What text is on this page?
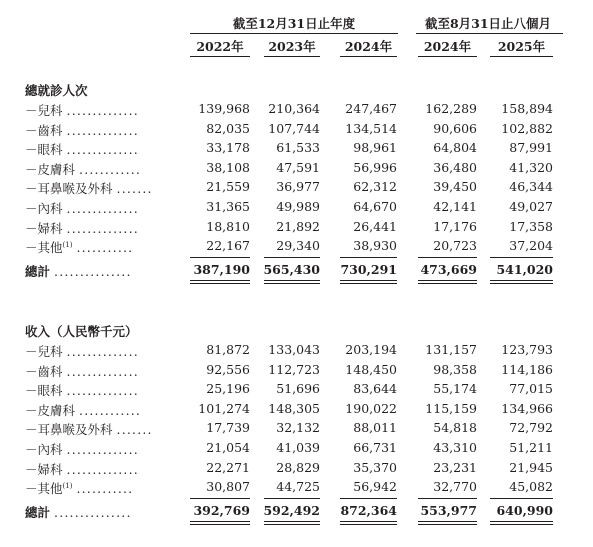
截至12月31日止年度	截至8月31日止八個月
2022年	2023年	2024年	2024年	2025年
總就診人次
－兒科 ..............	139,968	210,364	247,467	162,289	158,894
－齒科 ..............	82,035	107,744	134,514	90,606	102,882
－眼科 ..............	33,178	61,533	98,961	64,804	87,991
－皮膚科 ............	38,108	47,591	56,996	36,480	41,320
－耳鼻喉及外科 .......	21,559	36,977	62,312	39,450	46,344
－內科 ..............	31,365	49,989	64,670	42,141	49,027
－婦科 ..............	18,810	21,892	26,441	17,176	17,358
－其他$^{(1)}$ ...........	22,167	29,340	38,930	20,723	37,204
總計 ...............	387,190	565,430	730,291	473,669	541,020
收入（人民幣千元）
－兒科 ..............	81,872	133,043	203,194	131,157	123,793
－齒科 ..............	92,556	112,723	148,450	98,358	114,186
－眼科 ..............	25,196	51,696	83,644	55,174	77,015
－皮膚科 ............	101,274	148,305	190,022	115,159	134,966
－耳鼻喉及外科 .......	17,739	32,132	88,011	54,818	72,792
－內科 ..............	21,054	41,039	66,731	43,310	51,211
－婦科 ..............	22,271	28,829	35,370	23,231	21,945
－其他$^{(1)}$ ...........	30,807	44,725	56,942	32,770	45,082
總計 ...............	392,769	592,492	872,364	553,977	640,990
